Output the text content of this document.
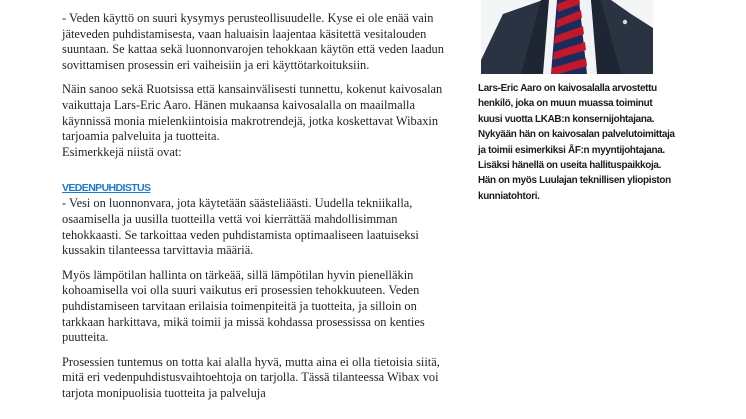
- Veden käyttö on suuri kysymys perusteollisuudelle. Kyse ei ole enää vain jäteveden puhdistamisesta, vaan haluaisin laajentaa käsitettä vesitalouden suuntaan. Se kattaa sekä luonnonvarojen tehokkaan käytön että veden laadun sovittamisen prosessin eri vaiheisiin ja eri käyttötarkoituksiin.

Näin sanoo sekä Ruotsissa että kansainvälisesti tunnettu, kokenut kaivosalan vaikuttaja Lars-Eric Aaro. Hänen mukaansa kaivosalalla on maailmalla käynnissä monia mielenkiintoisia makrotrendejä, jotka koskettavat Wibaxin tarjoamia palveluita ja tuotteita.

Esimerkkejä niistä ovat:

VEDENPUHDISTUS

- Vesi on luonnonvara, jota käytetään säästeliäästi. Uudella tekniikalla, osaamisella ja uusilla tuotteilla vettä voi kierrättää mahdollisimman tehokkaasti. Se tarkoittaa veden puhdistamista optimaaliseen laatuiseksi kussakin tilanteessa tarvittavia määriä.

Myös lämpötilan hallinta on tärkeää, sillä lämpötilan hyvin pienelläkin kohoamisella voi olla suuri vaikutus eri prosessien tehokkuuteen. Veden puhdistamiseen tarvitaan erilaisia toimenpiteitä ja tuotteita, ja silloin on tarkkaan harkittava, mikä toimii ja missä kohdassa prosessissa on kenties puutteita.

Prosessien tuntemus on totta kai alalla hyvä, mutta aina ei olla tietoisia siitä, mitä eri vedenpuhdistusvaihtoehtoja on tarjolla. Tässä tilanteessa Wibax voi tarjota monipuolisia tuotteita ja palveluja

Lars-Eric Aaro on kaivosalalla arvostettu henkilö, joka on muun muassa toiminut kuusi vuotta LKAB:n konsernijohtajana. Nykyään hän on kaivosalan palvelutoimittaja ja toimii esimerkiksi ÅF:n myyntijohtajana. Lisäksi hänellä on useita hallituspaikkoja. Hän on myös Luulajan teknillisen yliopiston kunniatohtori.
